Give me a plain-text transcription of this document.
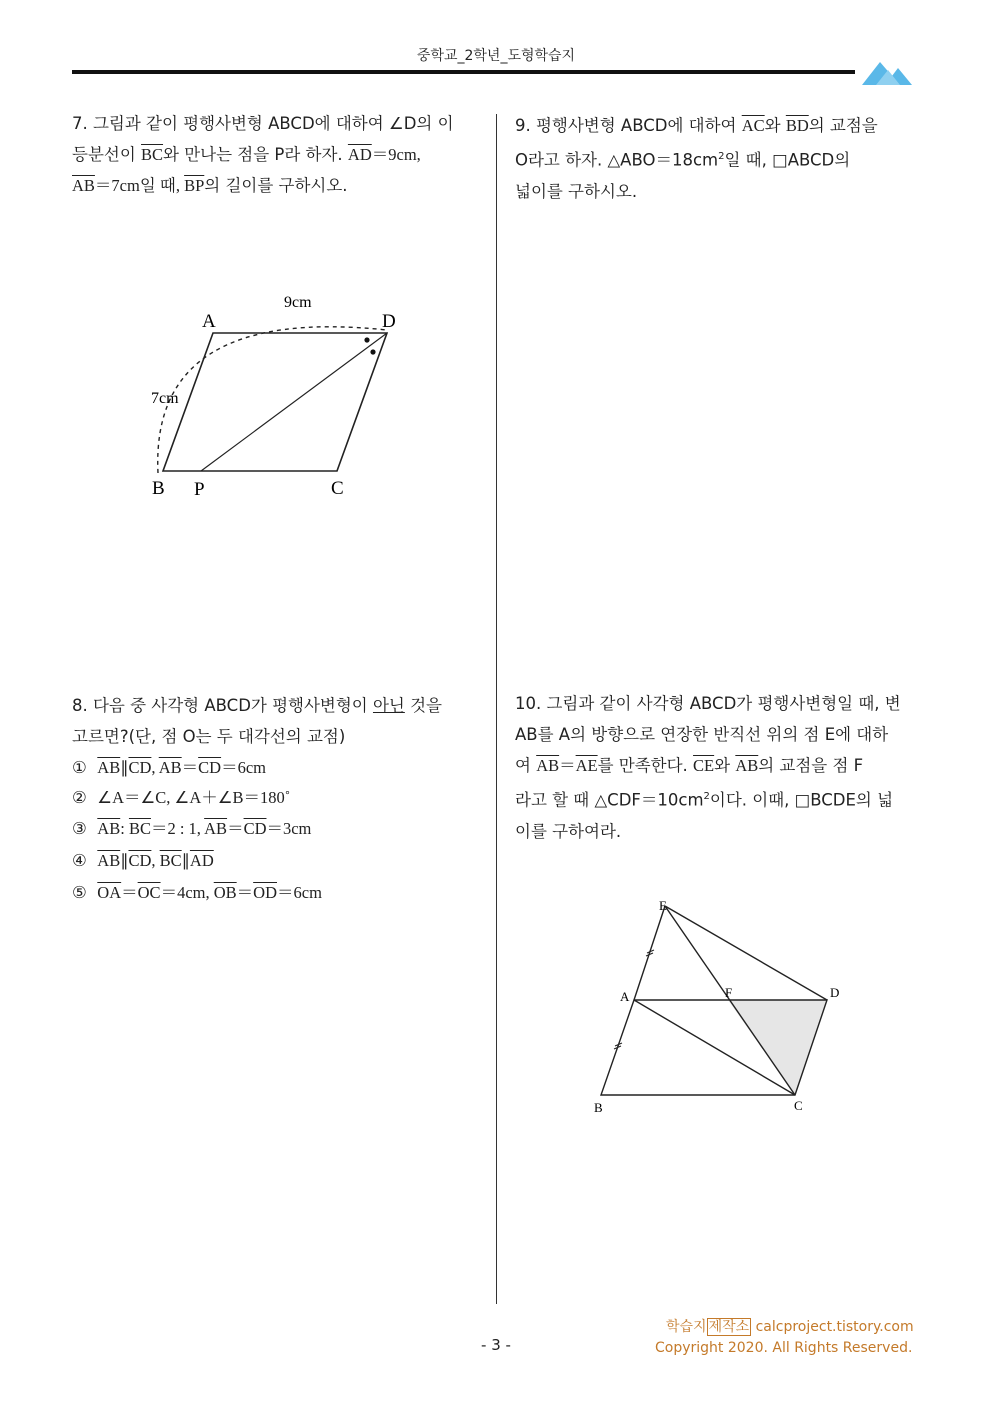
중학교_2학년_도형학습지
7. 그림과 같이 평행사변형 ABCD에 대하여 ∠D의 이
등분선이 $\overline{BC}$와 만나는 점을 P라 하자. $\overline{AD}=9cm$,
$\overline{AB}=7cm$일 때, $\overline{BP}$의 길이를 구하시오.
A	D
B P	C
9cm
7cm
8. 다음 중 사각형 ABCD가 평행사변형이 아닌 것을
고르면?(단, 점 O는 두 대각선의 교점)
① $\overline{AB}\parallel\overline{CD}$, $\overline{AB}=\overline{CD}=6cm$
② ∠A＝∠C, ∠A＋∠B＝180˚
③ $\overline{AB}$: $\overline{BC}=2$ : 1, $\overline{AB}=\overline{CD}=3cm$
④ $\overline{AB}\parallel\overline{CD}$, $\overline{BC}\parallel\overline{AD}$
⑤ $\overline{OA}=\overline{OC}=4cm$, $\overline{OB}=\overline{OD}=6cm$
9. 평행사변형 ABCD에 대하여 $\overline{AC}$와 $\overline{BD}$의 교점을
O라고 하자. $\triangle ABO=18cm^2$일 때, □ABCD의
넓이를 구하시오.
10. 그림과 같이 사각형 ABCD가 평행사변형일 때, 변
AB를 A의 방향으로 연장한 반직선 위의 점 E에 대하
여 $\overline{AB}=\overline{AE}$를 만족한다. $\overline{CE}$와 $\overline{AB}$의 교점을 점 F
라고 할 때 $\triangle CDF=10cm^2$이다. 이때, □BCDE의 넓
이를 구하여라.
E
A	F	D
B	C
학습지 제작소 calcproject.tistory.com
Copyright 2020. All Rights Reserved.
- 3 -
